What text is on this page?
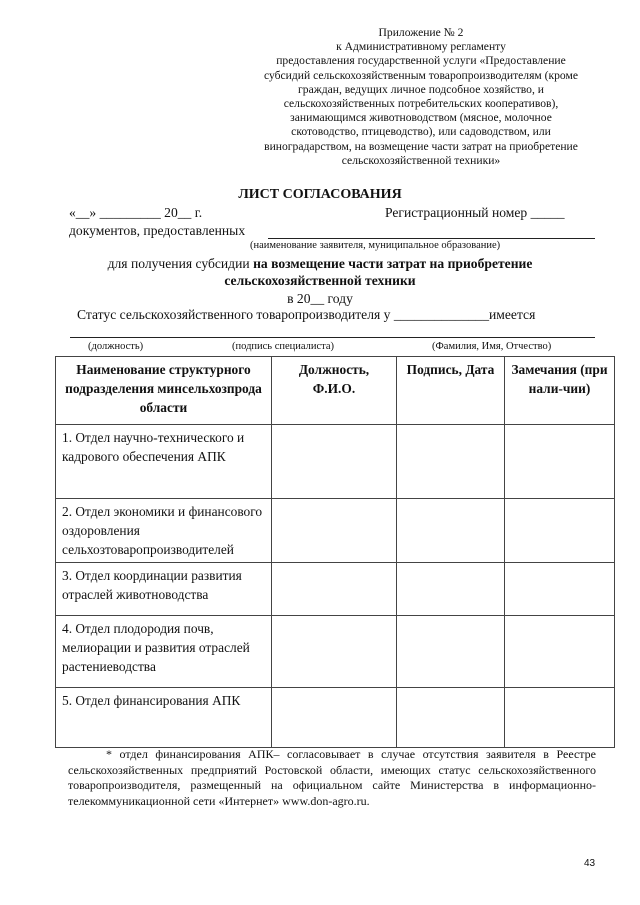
Приложение № 2
к Административному регламенту
предоставления государственной услуги «Предоставление
субсидий сельскохозяйственным товаропроизводителям (кроме
граждан, ведущих личное подсобное хозяйство, и
сельскохозяйственных потребительских кооперативов),
занимающимся животноводством (мясное, молочное
скотоводство, птицеводство), или садоводством, или
виноградарством, на возмещение части затрат на приобретение
сельскохозяйственной техники»
ЛИСТ СОГЛАСОВАНИЯ
«__» _________ 20__ г.	Регистрационный номер _____
документов, предоставленных
(наименование заявителя, муниципальное образование)
для получения субсидии на возмещение части затрат на приобретение
сельскохозяйственной техники
в 20__ году
Статус сельскохозяйственного товаропроизводителя у ______________имеется
(должность)	(подпись специалиста)	(Фамилия, Имя, Отчество)
Наименование структурного подразделения минсельхозпрода области	Должность, Ф.И.О.	Подпись, Дата	Замечания (при нали-чии)
1. Отдел научно-технического и кадрового обеспечения АПК			
2. Отдел экономики и финансового оздоровления сельхозтоваропроизводителей			
3. Отдел координации развития отраслей животноводства			
4. Отдел плодородия почв, мелиорации и развития отраслей растениеводства			
5. Отдел финансирования АПК			
* отдел финансирования АПК– согласовывает в случае отсутствия заявителя в Реестре сельскохозяйственных предприятий Ростовской области, имеющих статус сельскохозяйственного товаропроизводителя, размещенный на официальном сайте Министерства в информационно-телекоммуникационной сети «Интернет» www.don-agro.ru.
43
